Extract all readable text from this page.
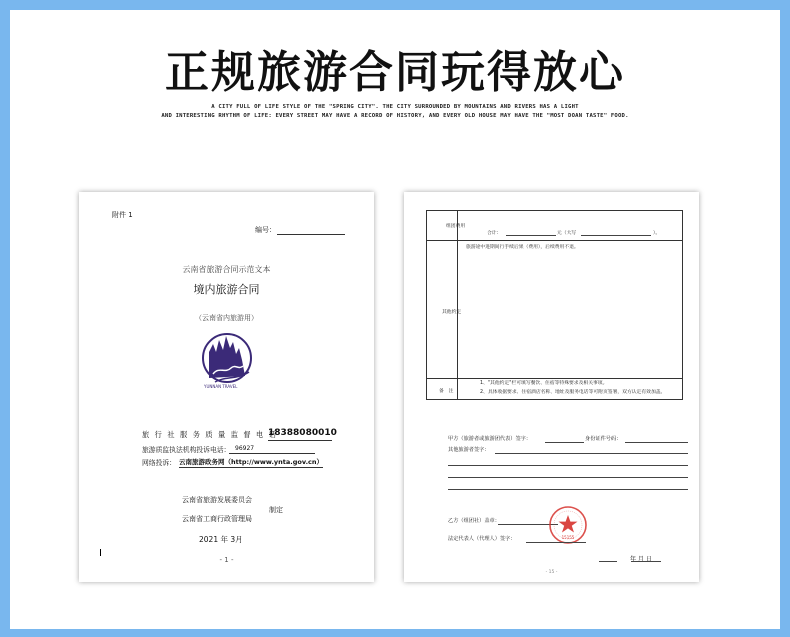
正规旅游合同玩得放心
A CITY FULL OF LIFE STYLE OF THE "SPRING CITY". THE CITY SURROUNDED BY MOUNTAINS AND RIVERS HAS A LIGHT
AND INTERESTING RHYTHM OF LIFE: EVERY STREET MAY HAVE A RECORD OF HISTORY, AND EVERY OLD HOUSE MAY HAVE THE "MOST DOAN TASTE" FOOD.
附件 1
编号：
云南省旅游合同示范文本
境内旅游合同
（云南省内旅游用）
YUNNAN TRAVEL
旅 行 社 服 务 质 量 监 督 电 话
18388080010
旅游质监执法机构投诉电话： 96927
网络投诉： 云南旅游政务网（http://www.ynta.gov.cn）
云南省旅游发展委员会
制定
云南省工商行政管理局
2021 年 3月
- 1 -
组团费用
合计：	元（大写	）。
其他约定
旅游途中进期间行手续后果（费用），后续费用不退。
备　注
1、"其他约定"栏可填写餐饮、住宿等特殊要求及相关事项。
2、具体收据要求、住宿酒店名称、地址及服务电话等可附页签署，双方认定有效加盖。
甲方（旅游者或旅游团代表）签字：	身份证件号码：
其他旅游者签字：
乙方（组团社）盖章：
15155
法定代表人（代理人）签字：
年 月 日
- 15 -
